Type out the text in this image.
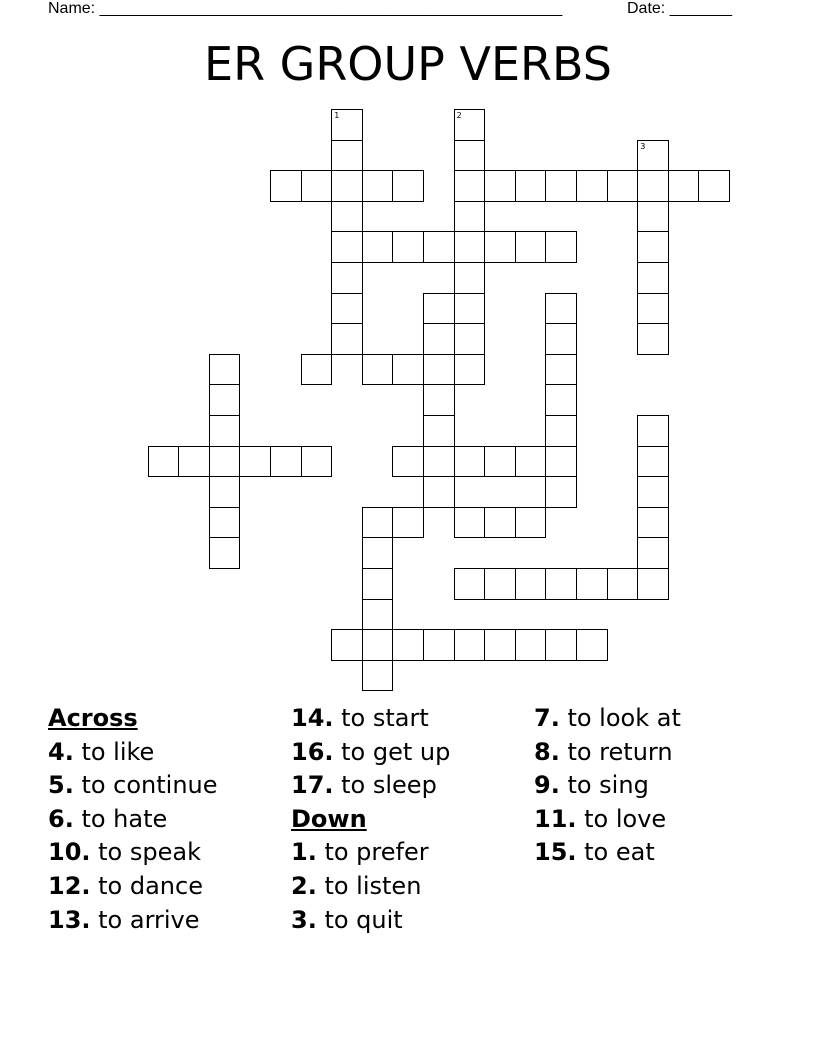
Name: ____________________________________________________	Date: _______
ER GROUP VERBS
1	2
3
Across
4. to like
5. to continue
6. to hate
10. to speak
12. to dance
13. to arrive
14. to start
16. to get up
17. to sleep
Down
1. to prefer
2. to listen
3. to quit
7. to look at
8. to return
9. to sing
11. to love
15. to eat
